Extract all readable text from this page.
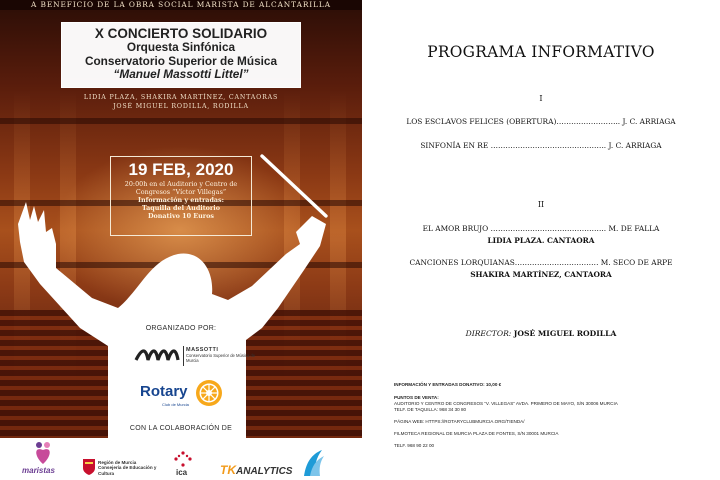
A BENEFICIO DE LA OBRA SOCIAL MARISTA DE ALCANTARILLA
X CONCIERTO SOLIDARIO
Orquesta Sinfónica
Conservatorio Superior de Música
“Manuel Massotti Littel”
LIDIA PLAZA, SHAKIRA MARTÍNEZ, CANTAORAS
JOSÉ MIGUEL RODILLA, RODILLA
19 FEB, 2020
20:00h en el Auditorio y Centro de
Congresos “Víctor Villegas”
Información y entradas:
Taquilla del Auditorio
Donativo 10 Euros
ORGANIZADO POR:
MASSOTTI
Conservatorio Superior de Música de Murcia
Rotary
Club de Murcia
CON LA COLABORACIÓN DE
maristas
Región de Murcia Consejería de Educación y Cultura	ica	TKANALYTICS
PROGRAMA INFORMATIVO
I
LOS ESCLAVOS FELICES (OBERTURA)…………………….. J. C. ARRIAGA
SINFONÍA EN RE ……………………………………….. J. C. ARRIAGA
II
EL AMOR BRUJO ……………………………………….. M. DE FALLA
LIDIA PLAZA. CANTAORA
CANCIONES LORQUIANAS……………………………. M. SECO DE ARPE
SHAKIRA MARTÍNEZ, CANTAORA
DIRECTOR: JOSÉ MIGUEL RODILLA
INFORMACIÓN Y ENTRADAS DONATIVO: 10,00 €
PUNTOS DE VENTA:
AUDITORIO Y CENTRO DE CONGRESOS “V. VILLEGAS” AVDA. PRIMERO DE MAYO, S/N 30006 MURCIA
TELF. DE TAQUILLA: 968 34 30 80
PÁGINA WEB: HTTPS://ROTARYCLUBMURCIA.ORG/TIENDA/
FILMOTECA REGIONAL DE MURCIA PLAZA DE FONTES, S/N 30001 MURCIA
TELF. 968 90 22 00
